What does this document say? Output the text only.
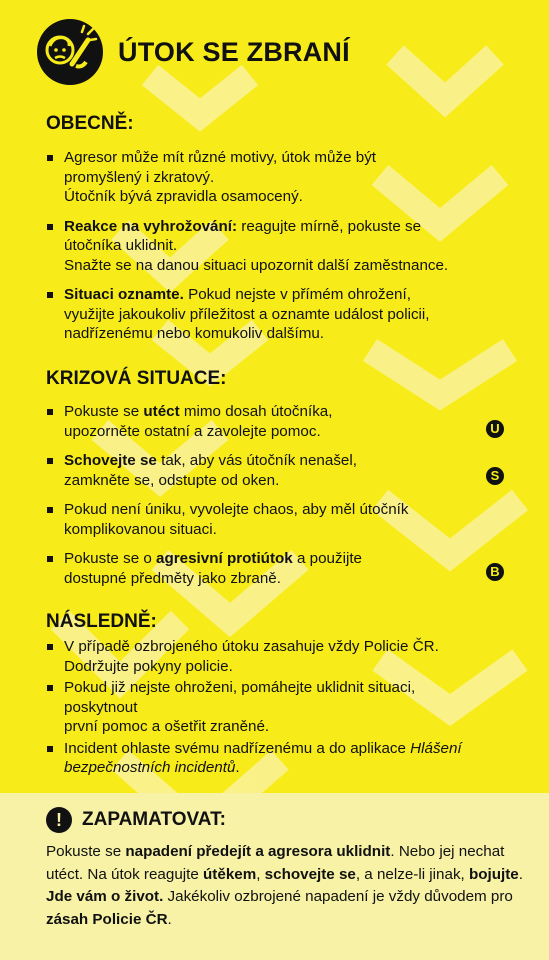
ÚTOK SE ZBRANÍ
OBECNĚ:
Agresor může mít různé motivy, útok může být
promyšlený i zkratový.
Útočník bývá zpravidla osamocený.
Reakce na vyhrožování: reagujte mírně, pokuste se
útočníka uklidnit.
Snažte se na danou situaci upozornit další zaměstnance.
Situaci oznamte. Pokud nejste v přímém ohrožení,
využijte jakoukoliv příležitost a oznamte událost policii,
nadřízenému nebo komukoliv dalšímu.
KRIZOVÁ SITUACE:
Pokuste se utéct mimo dosah útočníka,
upozorněte ostatní a zavolejte pomoc.
Schovejte se tak, aby vás útočník nenašel,
zamkněte se, odstupte od oken.
Pokud není úniku, vyvolejte chaos, aby měl útočník
komplikovanou situaci.
Pokuste se o agresivní protiútok a použijte
dostupné předměty jako zbraně.
U
S
B
NÁSLEDNĚ:
V případě ozbrojeného útoku zasahuje vždy Policie ČR.
Dodržujte pokyny policie.
Pokud již nejste ohroženi, pomáhejte uklidnit situaci,
poskytnout
první pomoc a ošetřit zraněné.
Incident ohlaste svému nadřízenému a do aplikace Hlášení
bezpečnostních incidentů.
!	ZAPAMATOVAT:
Pokuste se napadení předejít a agresora uklidnit. Nebo jej nechat utéct. Na útok reagujte útěkem, schovejte se, a nelze-li jinak, bojujte. Jde vám o život. Jakékoliv ozbrojené napadení je vždy důvodem pro zásah Policie ČR.
